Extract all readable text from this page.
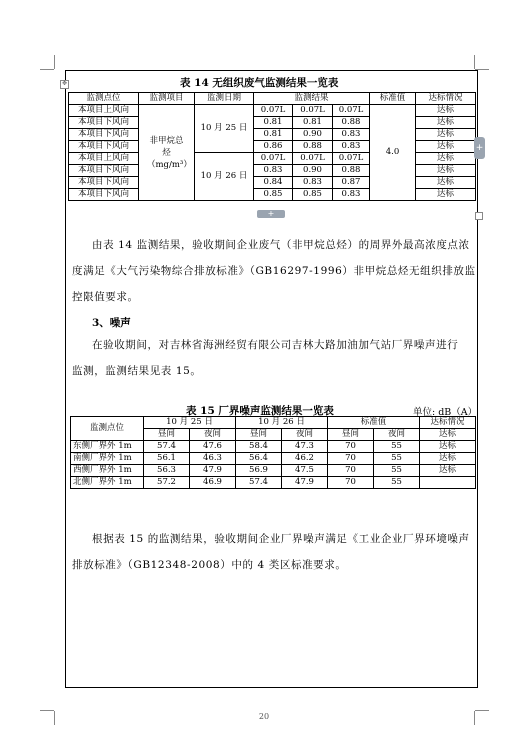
表 14 无组织废气监测结果一览表
✥
监测点位	监测项目	监测日期	监测结果			标准值	达标情况
本项目上风向	非甲烷总烃（mg/m³）	10 月 25 日	0.07L	0.07L	0.07L	4.0	达标
本项目下风向			0.81	0.81	0.88		达标
本项目下风向			0.81	0.90	0.83		达标
本项目下风向			0.86	0.88	0.83		达标
本项目上风向		10 月 26 日	0.07L	0.07L	0.07L		达标
本项目下风向			0.83	0.90	0.88		达标
本项目下风向			0.84	0.83	0.87		达标
本项目下风向			0.85	0.85	0.83		达标
+
+
由表 14 监测结果，验收期间企业废气（非甲烷总烃）的周界外最高浓度点浓
度满足《大气污染物综合排放标准》（GB16297-1996）非甲烷总烃无组织排放监
控限值要求。
3、噪声
在验收期间，对吉林省海洲经贸有限公司吉林大路加油加气站厂界噪声进行
监测，监测结果见表 15。
表 15 厂界噪声监测结果一览表	单位: dB（A）
监测点位	10 月 25 日		10 月 26 日		标准值		达标情况
	昼间	夜间	昼间	夜间	昼间	夜间	达标
东侧厂界外 1m	57.4	47.6	58.4	47.3	70	55	达标
南侧厂界外 1m	56.1	46.3	56.4	46.2	70	55	达标
西侧厂界外 1m	56.3	47.9	56.9	47.5	70	55	达标
北侧厂界外 1m	57.2	46.9	57.4	47.9	70	55	
根据表 15 的监测结果，验收期间企业厂界噪声满足《工业企业厂界环境噪声
排放标准》（GB12348-2008）中的 4 类区标准要求。
20
